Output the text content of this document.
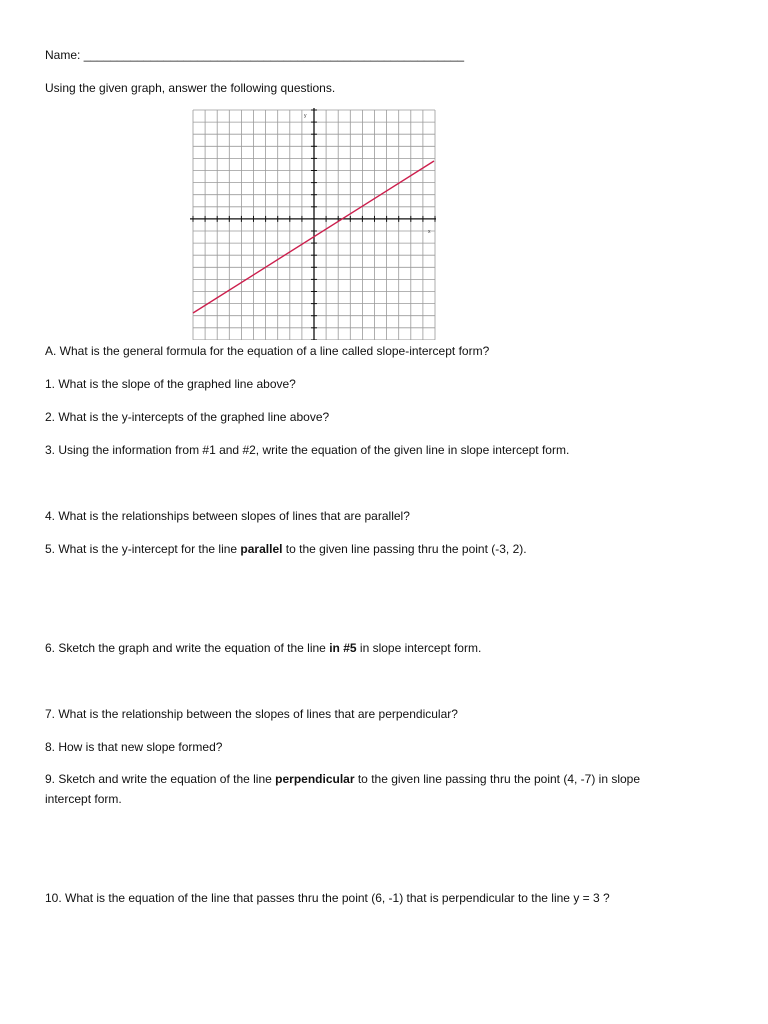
Name: _________________________________________________________
Using the given graph, answer the following questions.
y
x
A. What is the general formula for the equation of a line called slope-intercept form?
1. What is the slope of the graphed line above?
2. What is the y-intercepts of the graphed line above?
3. Using the information from #1 and #2, write the equation of the given line in slope intercept form.
4. What is the relationships between slopes of lines that are parallel?
5. What is the y-intercept for the line parallel to the given line passing thru the point (-3, 2).
6. Sketch the graph and write the equation of the line in #5 in slope intercept form.
7. What is the relationship between the slopes of lines that are perpendicular?
8. How is that new slope formed?
9. Sketch and write the equation of the line perpendicular to the given line passing thru the point (4, -7) in slope intercept form.
10. What is the equation of the line that passes thru the point (6, -1) that is perpendicular to the line y = 3 ?
